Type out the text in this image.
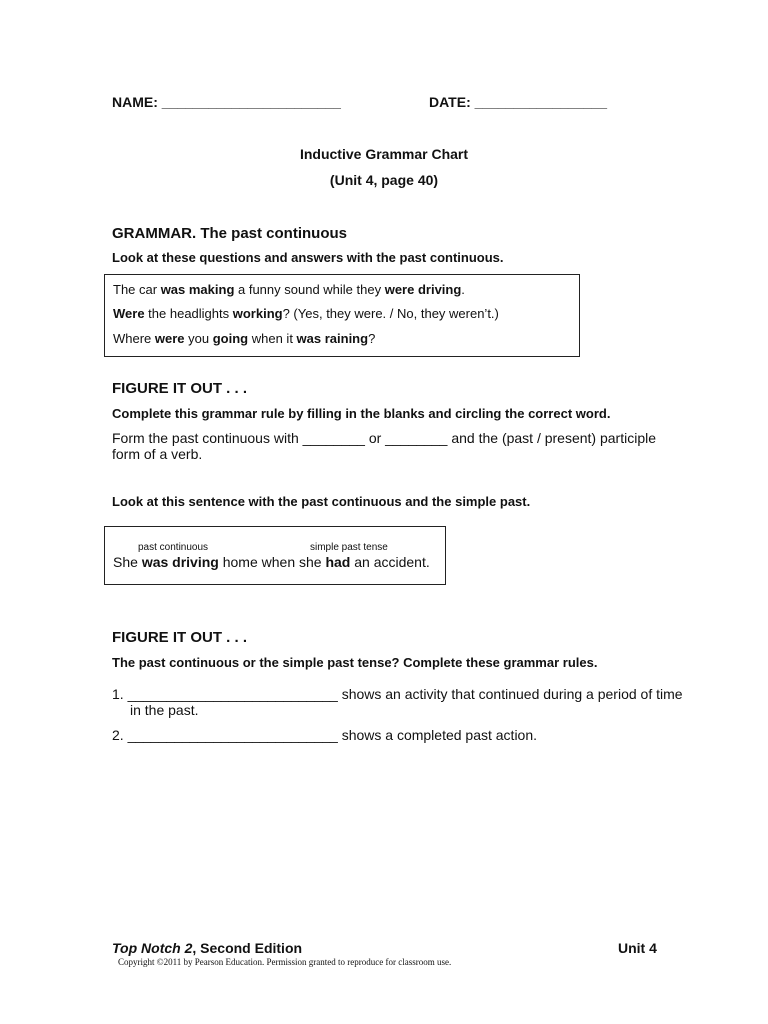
NAME: _______________________	DATE: _________________
Inductive Grammar Chart
(Unit 4, page 40)
GRAMMAR. The past continuous
Look at these questions and answers with the past continuous.
The car was making a funny sound while they were driving.
Were the headlights working? (Yes, they were. / No, they weren’t.)
Where were you going when it was raining?
FIGURE IT OUT . . .
Complete this grammar rule by filling in the blanks and circling the correct word.
Form the past continuous with ________ or ________ and the (past / present) participle
form of a verb.
Look at this sentence with the past continuous and the simple past.
past continuous	simple past tense
She was driving home when she had an accident.
FIGURE IT OUT . . .
The past continuous or the simple past tense? Complete these grammar rules.
1. ___________________________ shows an activity that continued during a period of time
in the past.
2. ___________________________ shows a completed past action.
Top Notch 2, Second Edition	Unit 4
Copyright ©2011 by Pearson Education. Permission granted to reproduce for classroom use.
